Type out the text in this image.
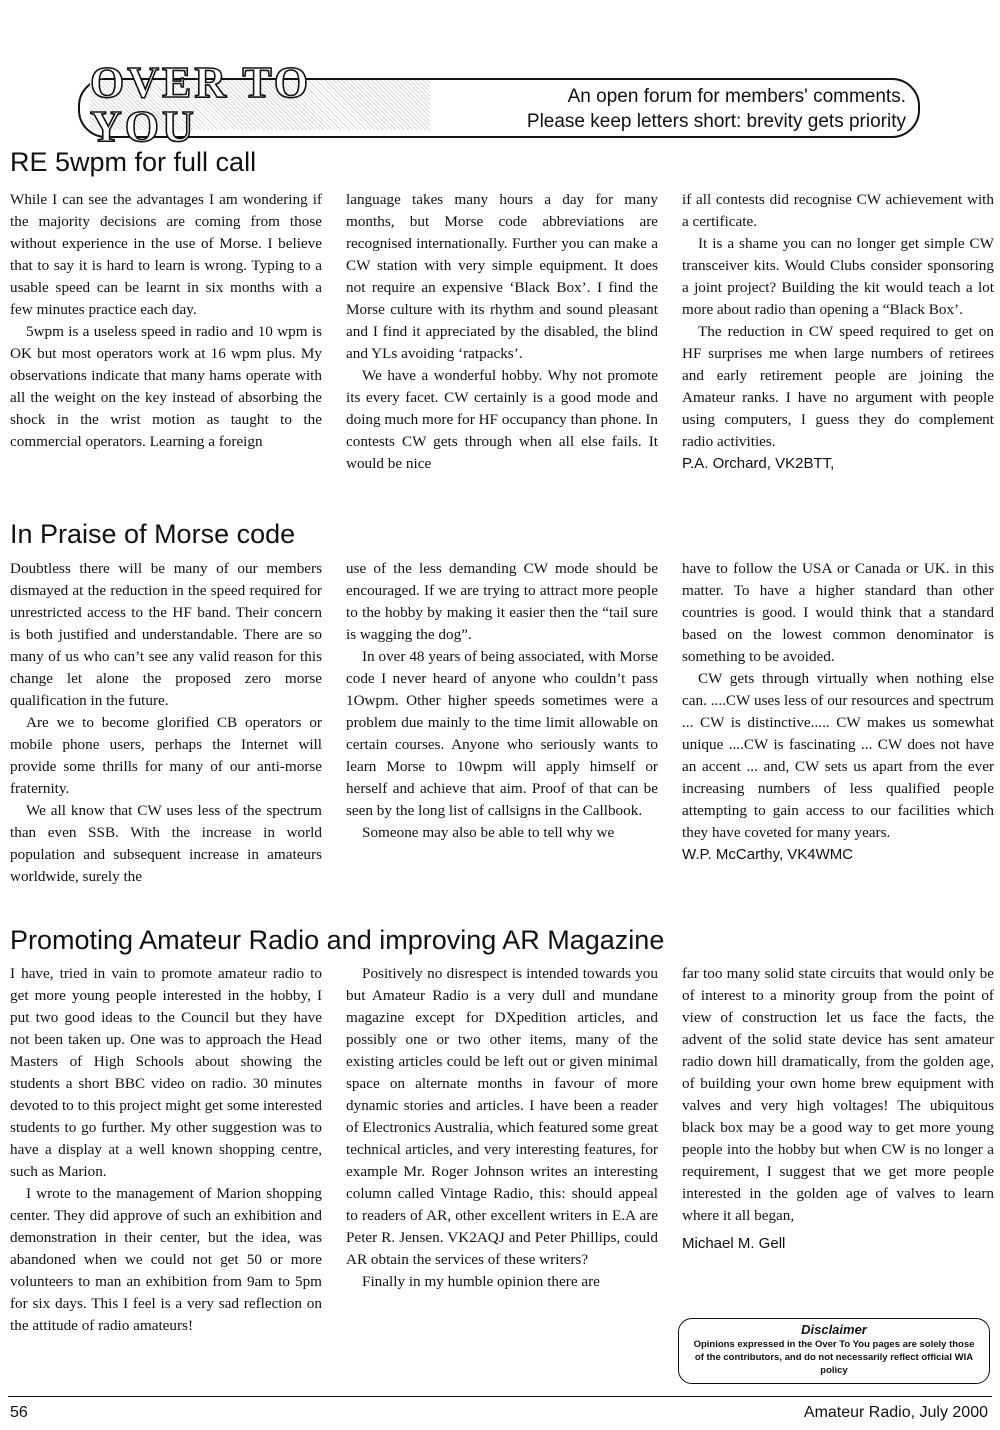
OVER TO YOU
An open forum for members' comments.
Please keep letters short: brevity gets priority
RE 5wpm for full call

While I can see the advantages I am wondering if the majority decisions are coming from those without experience in the use of Morse. I believe that to say it is hard to learn is wrong. Typing to a usable speed can be learnt in six months with a few minutes practice each day.

5wpm is a useless speed in radio and 10 wpm is OK but most operators work at 16 wpm plus. My observations indicate that many hams operate with all the weight on the key instead of absorbing the shock in the wrist motion as taught to the commercial operators. Learning a foreign

language takes many hours a day for many months, but Morse code abbreviations are recognised internationally. Further you can make a CW station with very simple equipment. It does not require an expensive ‘Black Box’. I find the Morse culture with its rhythm and sound pleasant and I find it appreciated by the disabled, the blind and YLs avoiding ‘ratpacks’.

We have a wonderful hobby. Why not promote its every facet. CW certainly is a good mode and doing much more for HF occupancy than phone. In contests CW gets through when all else fails. It would be nice

if all contests did recognise CW achievement with a certificate.

It is a shame you can no longer get simple CW transceiver kits. Would Clubs consider sponsoring a joint project? Building the kit would teach a lot more about radio than opening a “Black Box’.

The reduction in CW speed required to get on HF surprises me when large numbers of retirees and early retirement people are joining the Amateur ranks. I have no argument with people using computers, I guess they do complement radio activities.

P.A. Orchard, VK2BTT,

In Praise of Morse code

Doubtless there will be many of our members dismayed at the reduction in the speed required for unrestricted access to the HF band. Their concern is both justified and understandable. There are so many of us who can’t see any valid reason for this change let alone the proposed zero morse qualification in the future.

Are we to become glorified CB operators or mobile phone users, perhaps the Internet will provide some thrills for many of our anti-morse fraternity.

We all know that CW uses less of the spectrum than even SSB. With the increase in world population and subsequent increase in amateurs worldwide, surely the

use of the less demanding CW mode should be encouraged. If we are trying to attract more people to the hobby by making it easier then the “tail sure is wagging the dog”.

In over 48 years of being associated, with Morse code I never heard of anyone who couldn’t pass 1Owpm. Other higher speeds sometimes were a problem due mainly to the time limit allowable on certain courses. Anyone who seriously wants to learn Morse to 10wpm will apply himself or herself and achieve that aim. Proof of that can be seen by the long list of callsigns in the Callbook.

Someone may also be able to tell why we

have to follow the USA or Canada or UK. in this matter. To have a higher standard than other countries is good. I would think that a standard based on the lowest common denominator is something to be avoided.

CW gets through virtually when nothing else can. ....CW uses less of our resources and spectrum ... CW is distinctive..... CW makes us somewhat unique ....CW is fascinating ... CW does not have an accent ... and, CW sets us apart from the ever increasing numbers of less qualified people attempting to gain access to our facilities which they have coveted for many years.

W.P. McCarthy, VK4WMC

Promoting Amateur Radio and improving AR Magazine

I have, tried in vain to promote amateur radio to get more young people interested in the hobby, I put two good ideas to the Council but they have not been taken up. One was to approach the Head Masters of High Schools about showing the students a short BBC video on radio. 30 minutes devoted to to this project might get some interested students to go further. My other suggestion was to have a display at a well known shopping centre, such as Marion.

I wrote to the management of Marion shopping center. They did approve of such an exhibition and demonstration in their center, but the idea, was abandoned when we could not get 50 or more volunteers to man an exhibition from 9am to 5pm for six days. This I feel is a very sad reflection on the attitude of radio amateurs!

Positively no disrespect is intended towards you but Amateur Radio is a very dull and mundane magazine except for DXpedition articles, and possibly one or two other items, many of the existing articles could be left out or given minimal space on alternate months in favour of more dynamic stories and articles. I have been a reader of Electronics Australia, which featured some great technical articles, and very interesting features, for example Mr. Roger Johnson writes an interesting column called Vintage Radio, this: should appeal to readers of AR, other excellent writers in E.A are Peter R. Jensen. VK2AQJ and Peter Phillips, could AR obtain the services of these writers?

Finally in my humble opinion there are

far too many solid state circuits that would only be of interest to a minority group from the point of view of construction let us face the facts, the advent of the solid state device has sent amateur radio down hill dramatically, from the golden age, of building your own home brew equipment with valves and very high voltages! The ubiquitous black box may be a good way to get more young people into the hobby but when CW is no longer a requirement, I suggest that we get more people interested in the golden age of valves to learn where it all began,

Michael M. Gell

Disclaimer
Opinions expressed in the Over To You pages are solely those of the contributors, and do not necessarily reflect official WIA policy
56	Amateur Radio, July 2000
